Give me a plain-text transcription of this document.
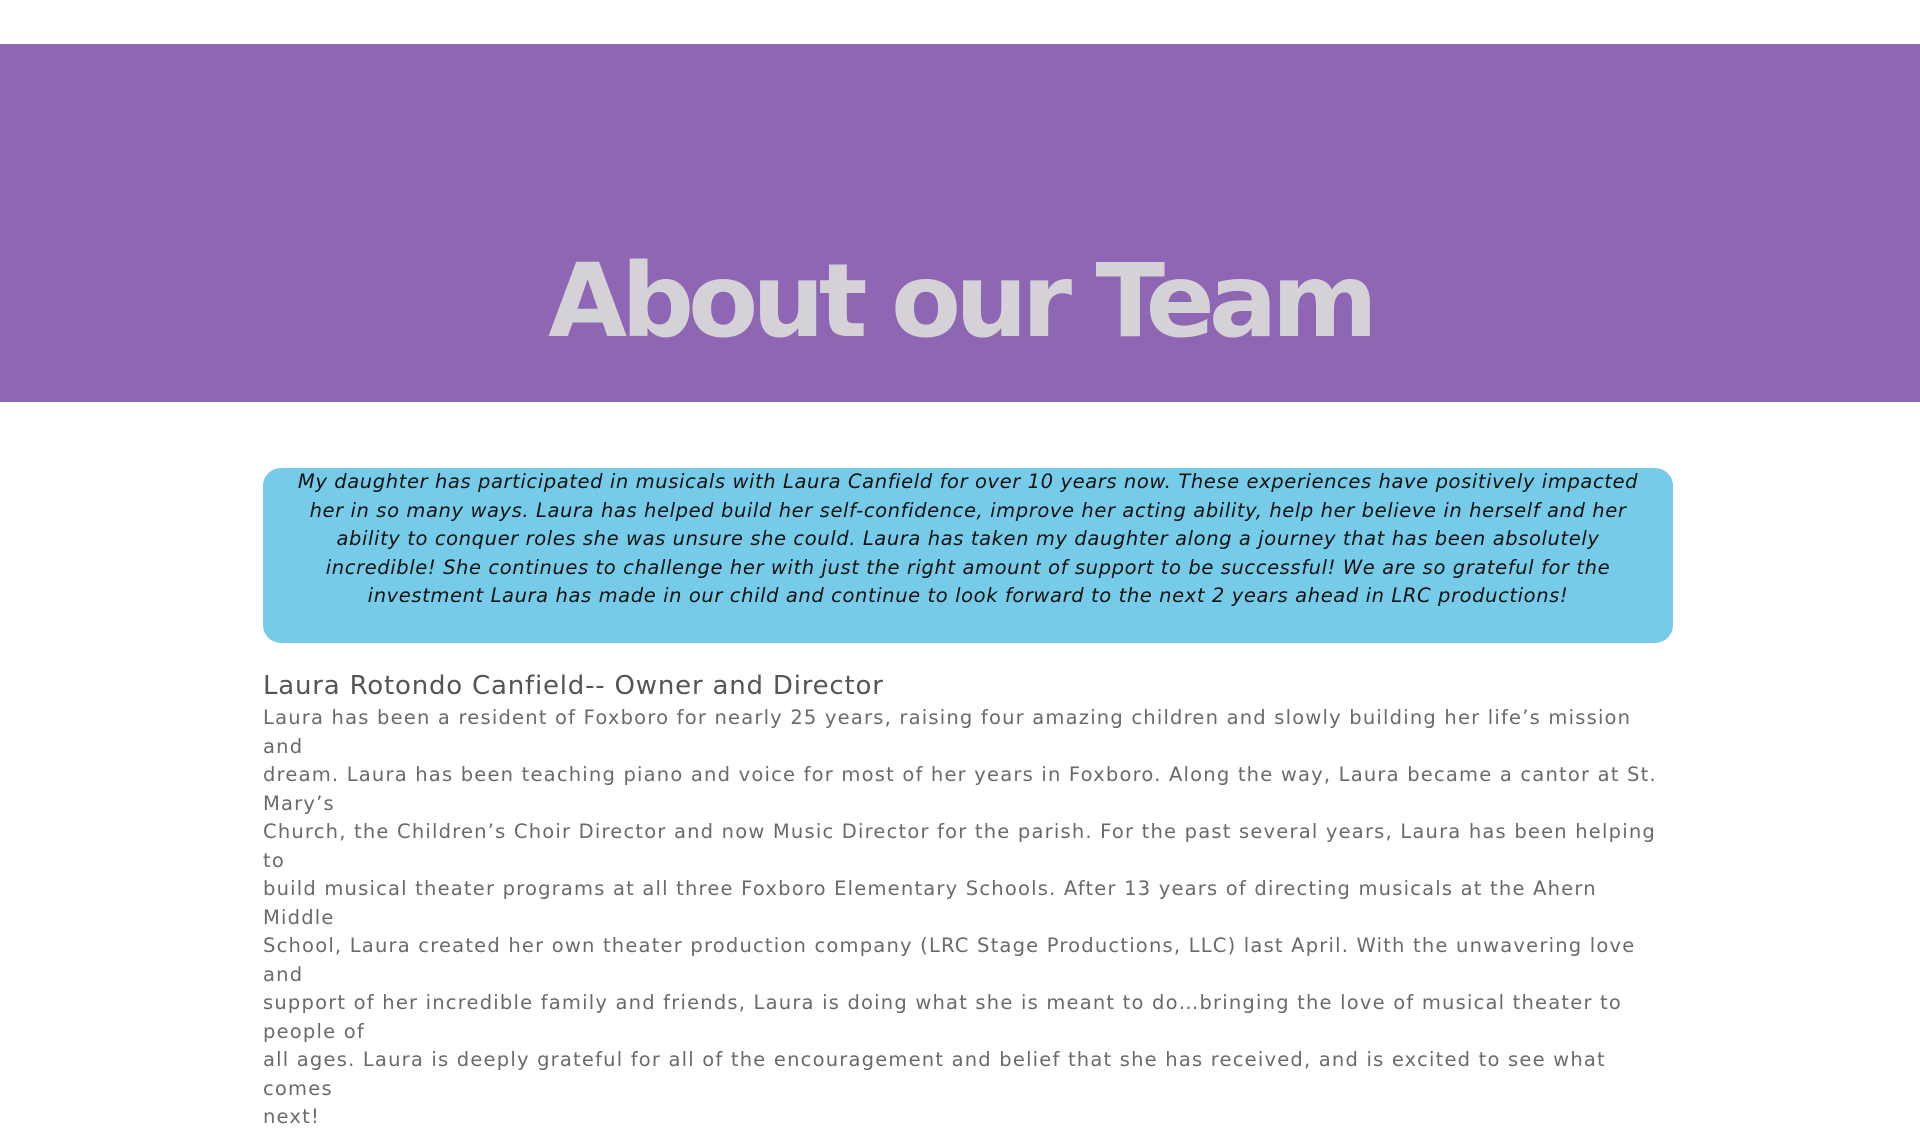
About our Team

My daughter has participated in musicals with Laura Canfield for over 10 years now. These experiences have positively impacted
her in so many ways. Laura has helped build her self-confidence, improve her acting ability, help her believe in herself and her
ability to conquer roles she was unsure she could. Laura has taken my daughter along a journey that has been absolutely
incredible! She continues to challenge her with just the right amount of support to be successful! We are so grateful for the
investment Laura has made in our child and continue to look forward to the next 2 years ahead in LRC productions!

Laura Rotondo Canfield-- Owner and Director

Laura has been a resident of Foxboro for nearly 25 years, raising four amazing children and slowly building her life’s mission and
dream. Laura has been teaching piano and voice for most of her years in Foxboro. Along the way, Laura became a cantor at St. Mary’s
Church, the Children’s Choir Director and now Music Director for the parish. For the past several years, Laura has been helping to
build musical theater programs at all three Foxboro Elementary Schools. After 13 years of directing musicals at the Ahern Middle
School, Laura created her own theater production company (LRC Stage Productions, LLC) last April. With the unwavering love and
support of her incredible family and friends, Laura is doing what she is meant to do…bringing the love of musical theater to people of
all ages. Laura is deeply grateful for all of the encouragement and belief that she has received, and is excited to see what comes
next!
